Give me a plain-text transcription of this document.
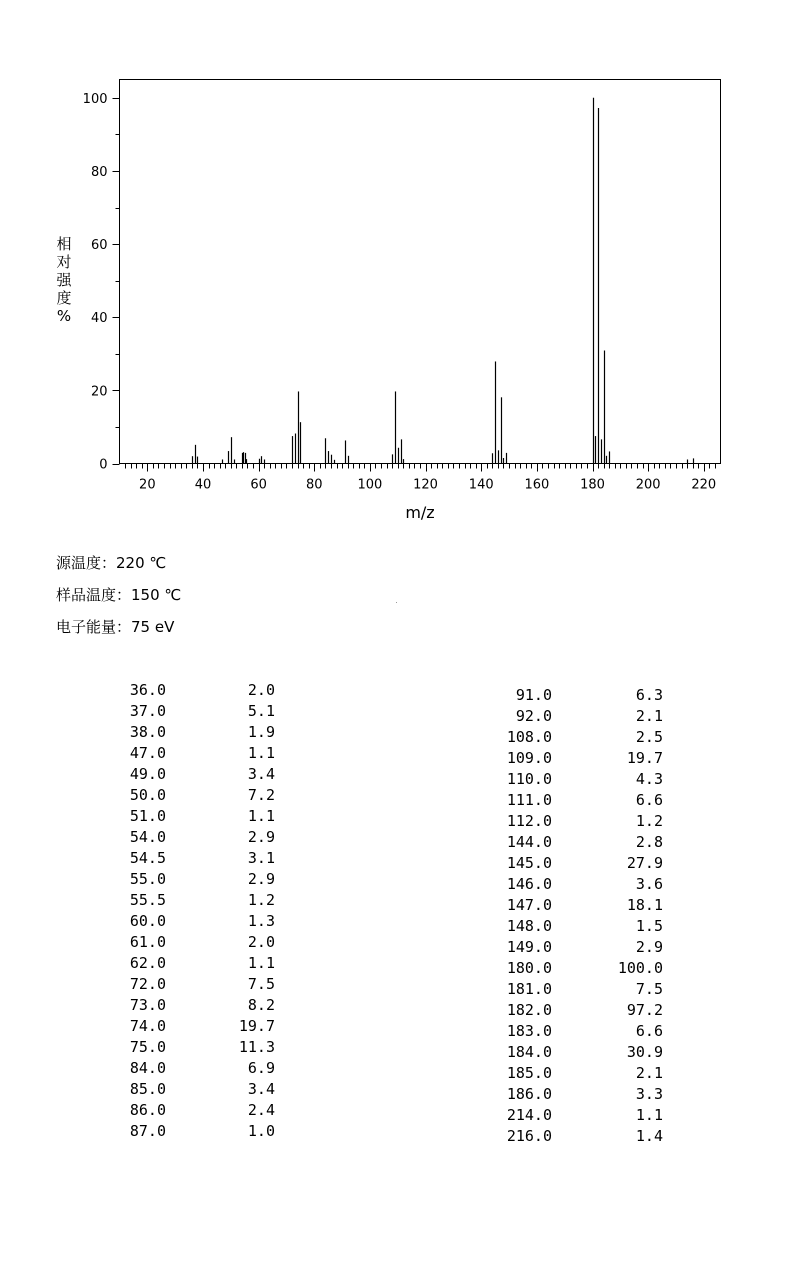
0
20
40
60
80
100
20	40	60	80	100 120 140 160 180 200 220
m/z
相
对
强
度
%
源温度：220 ℃
样品温度：150 ℃
电子能量：75 eV
36.0	2.0
37.0	5.1
38.0	1.9
47.0	1.1
49.0	3.4
50.0	7.2
51.0	1.1
54.0	2.9
54.5	3.1
55.0	2.9
55.5	1.2
60.0	1.3
61.0	2.0
62.0	1.1
72.0	7.5
73.0	8.2
74.0	19.7
75.0	11.3
84.0	6.9
85.0	3.4
86.0	2.4
87.0	1.0
91.0	6.3
92.0	2.1
108.0	2.5
109.0	19.7
110.0	4.3
111.0	6.6
112.0	1.2
144.0	2.8
145.0	27.9
146.0	3.6
147.0	18.1
148.0	1.5
149.0	2.9
180.0	100.0
181.0	7.5
182.0	97.2
183.0	6.6
184.0	30.9
185.0	2.1
186.0	3.3
214.0	1.1
216.0	1.4
